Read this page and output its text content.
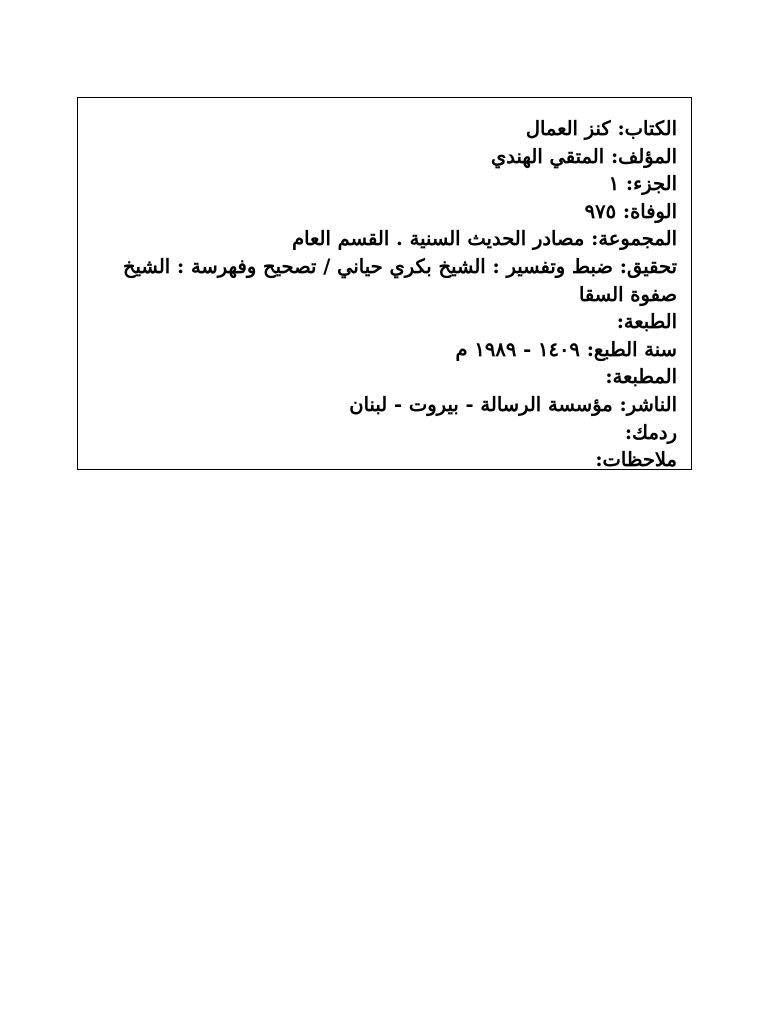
الكتاب: كنز العمال
المؤلف: المتقي الهندي
الجزء: ١
الوفاة: ٩٧٥
المجموعة: مصادر الحديث السنية . القسم العام
تحقيق: ضبط وتفسير : الشيخ بكري حياني / تصحيح وفهرسة : الشيخ صفوة السقا
الطبعة:
سنة الطبع: ١٤٠٩ - ١٩٨٩ م
المطبعة:
الناشر: مؤسسة الرسالة - بيروت - لبنان
ردمك:
ملاحظات:
